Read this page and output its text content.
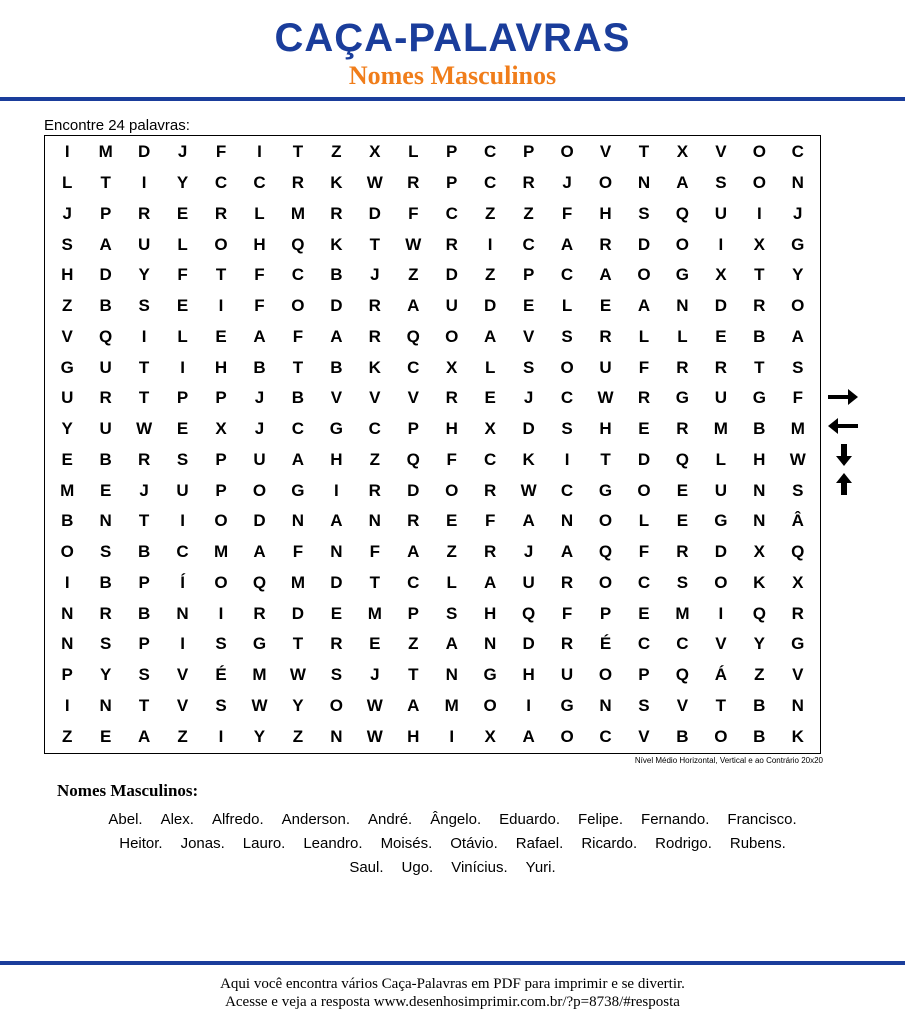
CAÇA-PALAVRAS
Nomes Masculinos
Encontre 24 palavras:
I	M	D	J	F	I	T	Z	X	L	P	C	P	O	V	T	X	V	O	C
L	T	I	Y	C	C	R	K	W	R	P	C	R	J	O	N	A	S	O	N
J	P	R	E	R	L	M	R	D	F	C	Z	Z	F	H	S	Q	U	I	J
S	A	U	L	O	H	Q	K	T	W	R	I	C	A	R	D	O	I	X	G
H	D	Y	F	T	F	C	B	J	Z	D	Z	P	C	A	O	G	X	T	Y
Z	B	S	E	I	F	O	D	R	A	U	D	E	L	E	A	N	D	R	O
V	Q	I	L	E	A	F	A	R	Q	O	A	V	S	R	L	L	E	B	A
G	U	T	I	H	B	T	B	K	C	X	L	S	O	U	F	R	R	T	S
U	R	T	P	P	J	B	V	V	V	R	E	J	C	W	R	G	U	G	F
Y	U	W	E	X	J	C	G	C	P	H	X	D	S	H	E	R	M	B	M
E	B	R	S	P	U	A	H	Z	Q	F	C	K	I	T	D	Q	L	H	W
M	E	J	U	P	O	G	I	R	D	O	R	W	C	G	O	E	U	N	S
B	N	T	I	O	D	N	A	N	R	E	F	A	N	O	L	E	G	N	Â
O	S	B	C	M	A	F	N	F	A	Z	R	J	A	Q	F	R	D	X	Q
I	B	P	Í	O	Q	M	D	T	C	L	A	U	R	O	C	S	O	K	X
N	R	B	N	I	R	D	E	M	P	S	H	Q	F	P	E	M	I	Q	R
N	S	P	I	S	G	T	R	E	Z	A	N	D	R	É	C	C	V	Y	G
P	Y	S	V	É	M	W	S	J	T	N	G	H	U	O	P	Q	Á	Z	V
I	N	T	V	S	W	Y	O	W	A	M	O	I	G	N	S	V	T	B	N
Z	E	A	Z	I	Y	Z	N	W	H	I	X	A	O	C	V	B	O	B	K
Nível Médio Horizontal, Vertical e ao Contrário 20x20
Nomes Masculinos:
Abel. Alex. Alfredo. Anderson. André. Ângelo. Eduardo. Felipe. Fernando. Francisco.
Heitor. Jonas. Lauro. Leandro. Moisés. Otávio. Rafael. Ricardo. Rodrigo. Rubens.
Saul. Ugo. Vinícius. Yuri.
Aqui você encontra vários Caça-Palavras em PDF para imprimir e se divertir.
Acesse e veja a resposta www.desenhosimprimir.com.br/?p=8738/#resposta
